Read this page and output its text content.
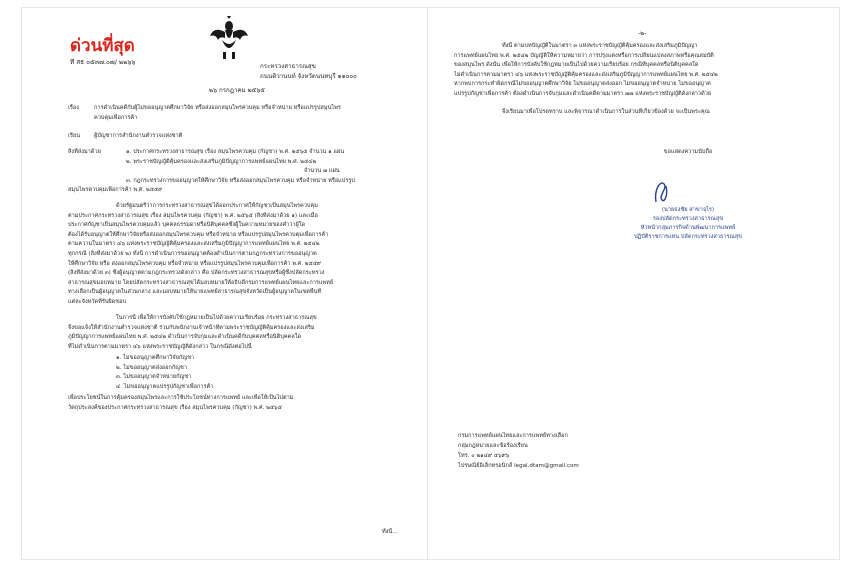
ด่วนที่สุด
ที่ สธ ๐๕๓๗.๐๗/ ๒๒๖๖
กระทรวงสาธารณสุข
ถนนติวานนท์ จังหวัดนนทบุรี ๑๑๐๐๐
๒๖ กรกฎาคม ๒๕๖๕
เรื่อง	การดำเนินคดีกับผู้ไม่ขออนุญาตศึกษาวิจัย หรือส่งออกสมุนไพรควบคุม หรือจำหน่าย หรือแปรรูปสมุนไพร
ควบคุมเพื่อการค้า
เรียน ผู้บัญชาการสำนักงานตำรวจแห่งชาติ
สิ่งที่ส่งมาด้วย	๑. ประกาศกระทรวงสาธารณสุข เรื่อง สมุนไพรควบคุม (กัญชา) พ.ศ. ๒๕๖๕ จำนวน ๑ แผ่น
๒. พระราชบัญญัติคุ้มครองและส่งเสริมภูมิปัญญาการแพทย์แผนไทย พ.ศ. ๒๕๔๒
จำนวน ๗ แผ่น
๓. กฎกระทรวงการขออนุญาตให้ศึกษาวิจัย หรือส่งออกสมุนไพรควบคุม หรือจำหน่าย หรือแปรรูป
สมุนไพรควบคุมเพื่อการค้า พ.ศ. ๒๕๕๙
ด้วยรัฐมนตรีว่าการกระทรวงสาธารณสุขได้ออกประกาศให้กัญชาเป็นสมุนไพรควบคุม
ตามประกาศกระทรวงสาธารณสุข เรื่อง สมุนไพรควบคุม (กัญชา) พ.ศ. ๒๕๖๕ (สิ่งที่ส่งมาด้วย ๑) และเมื่อ
ประกาศกัญชาเป็นสมุนไพรควบคุมแล้ว บุคคลธรรมดาหรือนิติบุคคลซึ่งผู้ในความหมายของคำว่าผู้ใด
ต้องได้รับอนุญาตให้ศึกษาวิจัยหรือส่งออกสมุนไพรควบคุม หรือจำหน่าย หรือแปรรูปสมุนไพรควบคุมเพื่อการค้า
ตามความในมาตรา ๔๖ แห่งพระราชบัญญัติคุ้มครองและส่งเสริมภูมิปัญญาการแพทย์แผนไทย พ.ศ. ๒๕๔๒
ทุกกรณี (สิ่งที่ส่งมาด้วย ๒) ทั้งนี้ การดำเนินการขออนุญาตต้องดำเนินการตามกฎกระทรวงการขออนุญาต
ให้ศึกษาวิจัย หรือ ส่งออกสมุนไพรควบคุม หรือจำหน่าย หรือแปรรูปสมุนไพรควบคุมเพื่อการค้า พ.ศ. ๒๕๕๙
(สิ่งที่ส่งมาด้วย ๓) ซึ่งผู้อนุญาตตามกฎกระทรวงดังกล่าว คือ ปลัดกระทรวงสาธารณสุขหรือผู้ซึ่งปลัดกระทรวง
สาธารณสุขมอบหมาย โดยปลัดกระทรวงสาธารณสุขได้มอบหมายให้อธิบดีกรมการแพทย์แผนไทยและการแพทย์
ทางเลือกเป็นผู้อนุญาตในส่วนกลาง และมอบหมายให้นายแพทย์สาธารณสุขจังหวัดเป็นผู้อนุญาตในเขตพื้นที่
แต่ละจังหวัดที่รับผิดชอบ
ในการนี้ เพื่อให้การบังคับใช้กฎหมายเป็นไปด้วยความเรียบร้อย กระทรวงสาธารณสุข
จึงขอแจ้งให้สำนักงานตำรวจแห่งชาติ ร่วมกับพนักงานเจ้าหน้าที่ตามพระราชบัญญัติคุ้มครองและส่งเสริม
ภูมิปัญญาการแพทย์แผนไทย พ.ศ. ๒๕๔๒ ดำเนินการจับกุมและดำเนินคดีกับบุคคลหรือนิติบุคคลใด
ที่ไม่ดำเนินการตามมาตรา ๔๖ แห่งพระราชบัญญัติดังกล่าว ในกรณีดังต่อไปนี้
๑. ไม่ขออนุญาตศึกษาวิจัยกัญชา
๒. ไม่ขออนุญาตส่งออกกัญชา
๓. ไม่ขออนุญาตจำหน่ายกัญชา
๔. ไม่ขออนุญาตแปรรูปกัญชาเพื่อการค้า
เพื่อประโยชน์ในการคุ้มครองสมุนไพรและการใช้ประโยชน์ทางการแพทย์ และเพื่อให้เป็นไปตาม
วัตถุประสงค์ของประกาศกระทรวงสาธารณสุข เรื่อง สมุนไพรควบคุม (กัญชา) พ.ศ. ๒๕๖๕
ทั้งนี้...
-๒-
ทั้งนี้ ตามบทบัญญัติในมาตรา ๓ แห่งพระราชบัญญัติคุ้มครองและส่งเสริมภูมิปัญญา
การแพทย์แผนไทย พ.ศ. ๒๕๔๒ บัญญัติให้ความหมายว่า การปรุงแต่งหรือการเปลี่ยนแปลงสภาพหรือคุณสมบัติ
ของสมุนไพร ดังนั้น เพื่อให้การบังคับใช้กฎหมายเป็นไปด้วยความเรียบร้อย กรณีที่บุคคลหรือนิติบุคคลใด
ไม่ดำเนินการตามมาตรา ๔๖ แห่งพระราชบัญญัติคุ้มครองและส่งเสริมภูมิปัญญาการแพทย์แผนไทย พ.ศ. ๒๕๔๒
หากพบการกระทำผิดกรณีไม่ขออนุญาตศึกษาวิจัย ไม่ขออนุญาตส่งออก ไม่ขออนุญาตจำหน่าย ไม่ขออนุญาต
แปรรูปกัญชาเพื่อการค้า ต้องดำเนินการจับกุมและดำเนินคดีตามมาตรา ๗๗ แห่งพระราชบัญญัติดังกล่าวด้วย
จึงเรียนมาเพื่อโปรดทราบ และพิจารณาดำเนินการในส่วนที่เกี่ยวข้องด้วย จะเป็นพระคุณ
ขอแสดงความนับถือ
(นายธงชัย สาขาจุไร)
รองปลัดกระทรวงสาธารณสุข
หัวหน้ากลุ่มภารกิจด้านพัฒนาการแพทย์
ปฏิบัติราชการแทน ปลัดกระทรวงสาธารณสุข
กรมการแพทย์แผนไทยและการแพทย์ทางเลือก
กลุ่มกฎหมายและข้อร้องเรียน
โทร. ๐ ๒๑๔๙ ๕๖๙๖
ไปรษณีย์อิเล็กทรอนิกส์ legal.dtam@gmail.com
